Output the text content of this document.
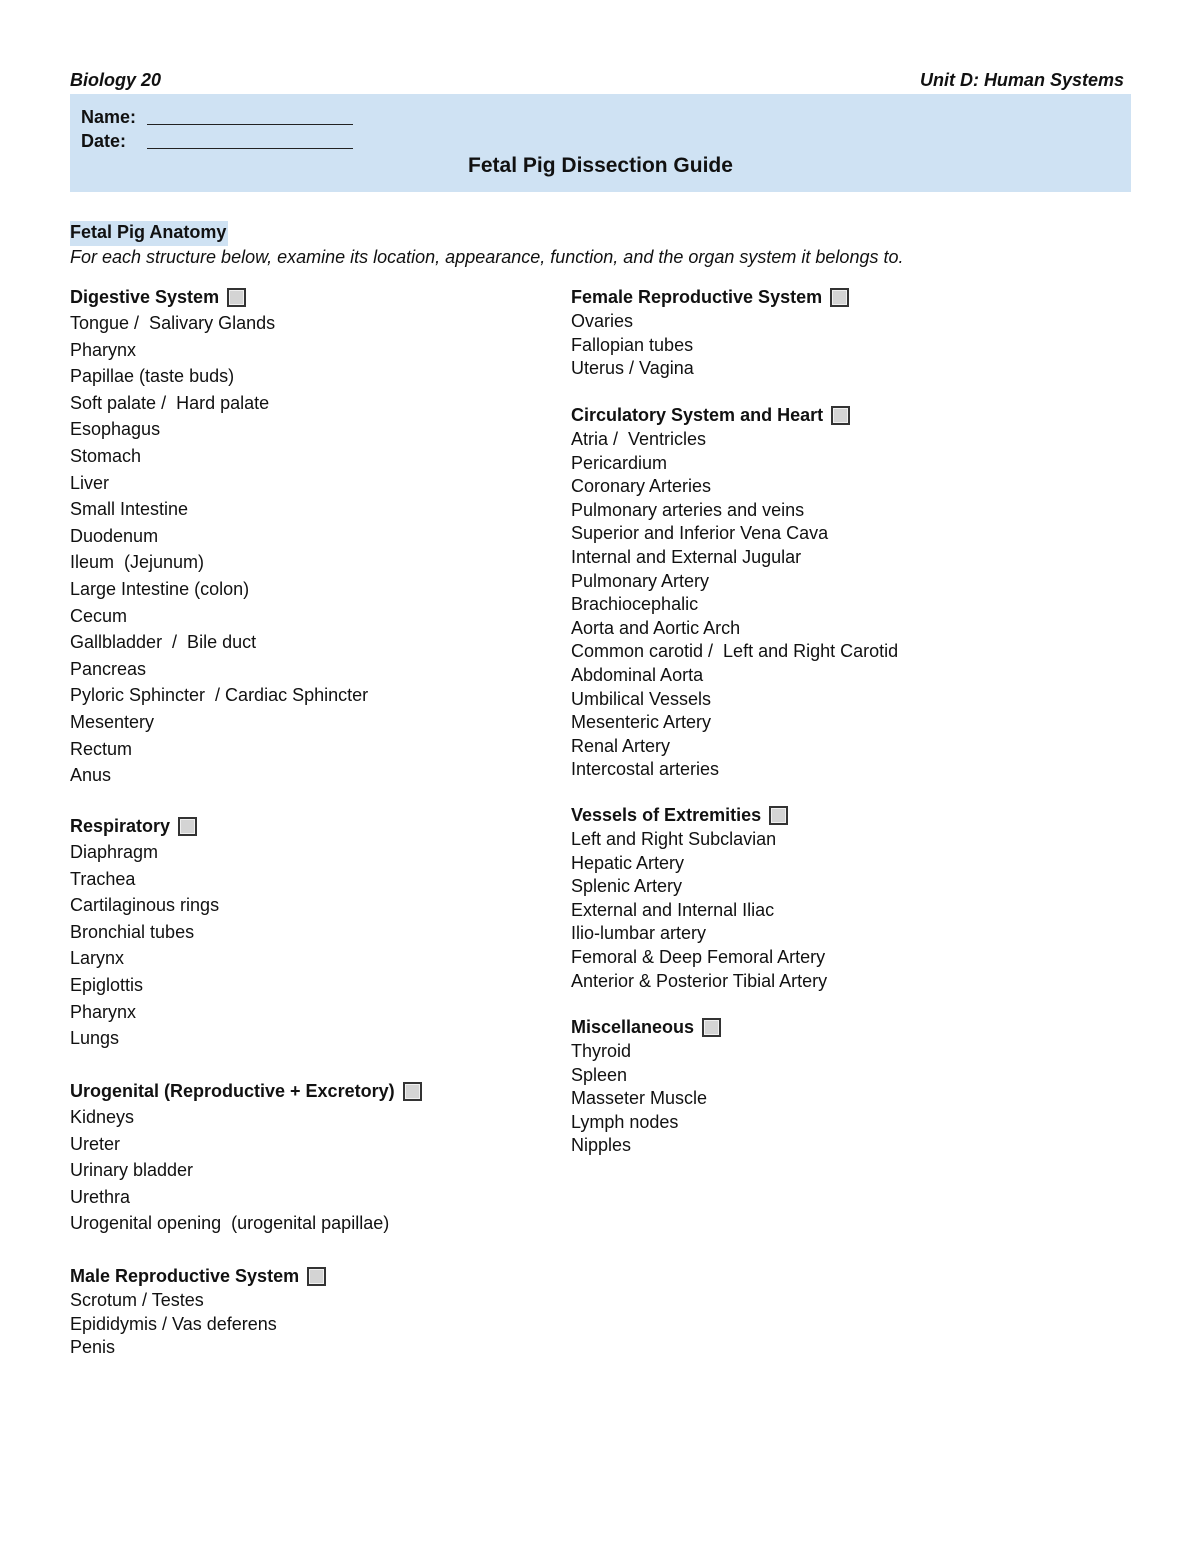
Biology 20	Unit D: Human Systems
Name:
Date:
Fetal Pig Dissection Guide
Fetal Pig Anatomy
For each structure below, examine its location, appearance, function, and the organ system it belongs to.
Digestive System
Tongue /  Salivary Glands
Pharynx
Papillae (taste buds)
Soft palate /  Hard palate
Esophagus
Stomach
Liver
Small Intestine
Duodenum
Ileum  (Jejunum)
Large Intestine (colon)
Cecum
Gallbladder  /  Bile duct
Pancreas
Pyloric Sphincter  / Cardiac Sphincter
Mesentery
Rectum
Anus
Respiratory
Diaphragm
Trachea
Cartilaginous rings
Bronchial tubes
Larynx
Epiglottis
Pharynx
Lungs
Urogenital (Reproductive + Excretory)
Kidneys
Ureter
Urinary bladder
Urethra
Urogenital opening  (urogenital papillae)
Male Reproductive System
Scrotum / Testes
Epididymis / Vas deferens
Penis
Female Reproductive System
Ovaries
Fallopian tubes
Uterus / Vagina
Circulatory System and Heart
Atria /  Ventricles
Pericardium
Coronary Arteries
Pulmonary arteries and veins
Superior and Inferior Vena Cava
Internal and External Jugular
Pulmonary Artery
Brachiocephalic
Aorta and Aortic Arch
Common carotid /  Left and Right Carotid
Abdominal Aorta
Umbilical Vessels
Mesenteric Artery
Renal Artery
Intercostal arteries
Vessels of Extremities
Left and Right Subclavian
Hepatic Artery
Splenic Artery
External and Internal Iliac
Ilio-lumbar artery
Femoral & Deep Femoral Artery
Anterior & Posterior Tibial Artery
Miscellaneous
Thyroid
Spleen
Masseter Muscle
Lymph nodes
Nipples
